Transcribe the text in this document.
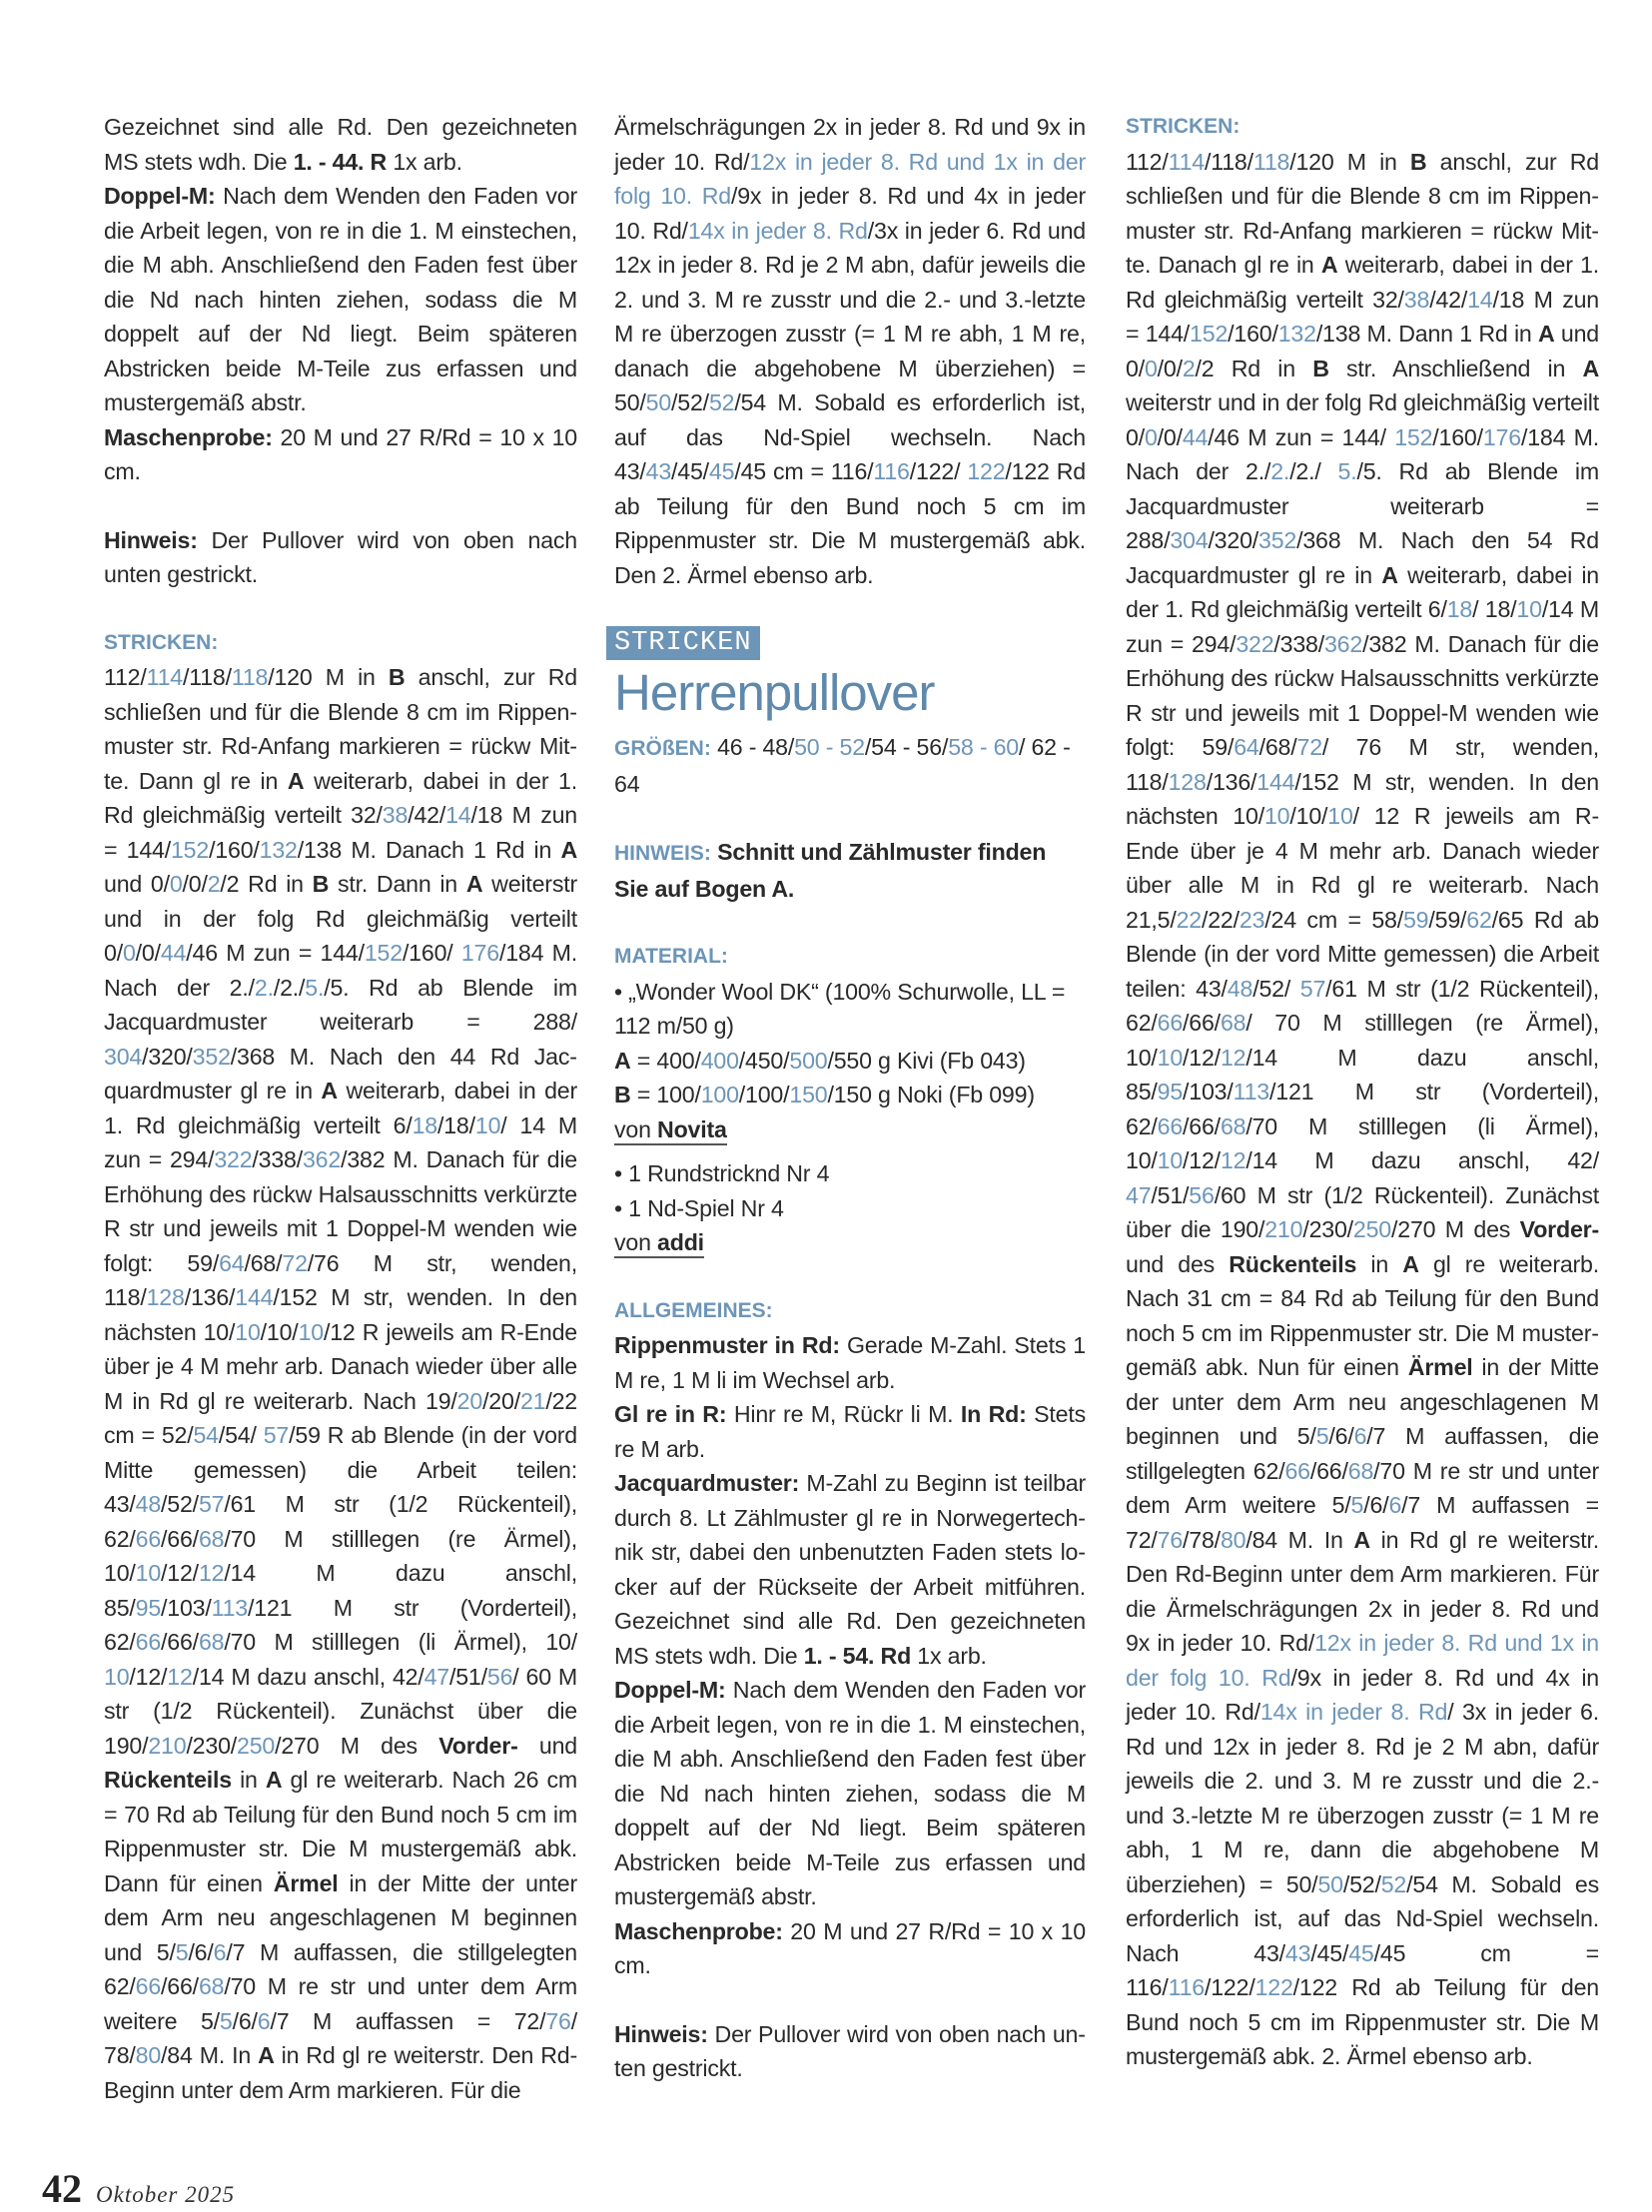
Gezeichnet sind alle Rd. Den gezeichneten MS stets wdh. Die 1. - 44. R 1x arb.

Doppel-M: Nach dem Wenden den Faden vor die Arbeit legen, von re in die 1. M einstechen, die M abh. Anschließend den Faden fest über die Nd nach hinten ziehen, sodass die M doppelt auf der Nd liegt. Beim späteren Abstricken beide M-Teile zus erfassen und mustergemäß abstr.

Maschenprobe: 20 M und 27 R/Rd = 10 x 10 cm.

Hinweis: Der Pullover wird von oben nach unten gestrickt.

STRICKEN:

112/114/118/118/120 M in B anschl, zur Rd schließen und für die Blende 8 cm im Rippenmuster str. Rd-Anfang markieren = rückw Mitte. Dann gl re in A weiterarb, dabei in der 1. Rd gleichmäßig verteilt 32/38/42/14/18 M zun = 144/152/160/132/138 M. Danach 1 Rd in A und 0/0/0/2/2 Rd in B str. Dann in A weiterstr und in der folg Rd gleichmäßig verteilt 0/0/0/44/46 M zun = 144/152/160/ 176/184 M. Nach der 2./2./2./5./5. Rd ab Blende im Jacquardmuster weiterarb = 288/ 304/320/352/368 M. Nach den 44 Rd Jacquardmuster gl re in A weiterarb, dabei in der 1. Rd gleichmäßig verteilt 6/18/18/10/ 14 M zun = 294/322/338/362/382 M. Danach für die Erhöhung des rückw Halsausschnitts verkürzte R str und jeweils mit 1 Doppel-M wenden wie folgt: 59/64/68/72/76 M str, wenden, 118/128/136/144/152 M str, wenden. In den nächsten 10/10/10/10/12 R jeweils am R-Ende über je 4 M mehr arb. Danach wieder über alle M in Rd gl re weiterarb. Nach 19/20/20/21/22 cm = 52/54/54/ 57/59 R ab Blende (in der vord Mitte gemessen) die Arbeit teilen: 43/48/52/57/61 M str (1/2 Rückenteil), 62/66/66/68/70 M stilllegen (re Ärmel), 10/10/12/12/14 M dazu anschl, 85/95/103/113/121 M str (Vorderteil), 62/66/66/68/70 M stilllegen (li Ärmel), 10/ 10/12/12/14 M dazu anschl, 42/47/51/56/ 60 M str (1/2 Rückenteil). Zunächst über die 190/210/230/250/270 M des Vorder- und Rückenteils in A gl re weiterarb. Nach 26 cm = 70 Rd ab Teilung für den Bund noch 5 cm im Rippenmuster str. Die M mustergemäß abk. Dann für einen Ärmel in der Mitte der unter dem Arm neu angeschlagenen M beginnen und 5/5/6/6/7 M auffassen, die stillgelegten 62/66/66/68/70 M re str und unter dem Arm weitere 5/5/6/6/7 M auffassen = 72/76/ 78/80/84 M. In A in Rd gl re weiterstr. Den Rd-Beginn unter dem Arm markieren. Für die

Ärmelschrägungen 2x in jeder 8. Rd und 9x in jeder 10. Rd/12x in jeder 8. Rd und 1x in der folg 10. Rd/9x in jeder 8. Rd und 4x in jeder 10. Rd/14x in jeder 8. Rd/3x in jeder 6. Rd und 12x in jeder 8. Rd je 2 M abn, dafür jeweils die 2. und 3. M re zusstr und die 2.- und 3.-letzte M re überzogen zusstr (= 1 M re abh, 1 M re, danach die abgehobene M überziehen) = 50/50/52/52/54 M. Sobald es erforderlich ist, auf das Nd-Spiel wechseln. Nach 43/43/45/45/45 cm = 116/116/122/ 122/122 Rd ab Teilung für den Bund noch 5 cm im Rippenmuster str. Die M mustergemäß abk. Den 2. Ärmel ebenso arb.

STRICKEN
Herrenpullover

GRÖßEN: 46 - 48/50 - 52/54 - 56/58 - 60/ 62 - 64

HINWEIS: Schnitt und Zählmuster finden Sie auf Bogen A.

MATERIAL:

• „Wonder Wool DK“ (100% Schurwolle, LL = 112 m/50 g)

A = 400/400/450/500/550 g Kivi (Fb 043)

B = 100/100/100/150/150 g Noki (Fb 099)

von Novita

• 1 Rundstricknd Nr 4

• 1 Nd-Spiel Nr 4

von addi

ALLGEMEINES:

Rippenmuster in Rd: Gerade M-Zahl. Stets 1 M re, 1 M li im Wechsel arb.

Gl re in R: Hinr re M, Rückr li M. In Rd: Stets re M arb.

Jacquardmuster: M-Zahl zu Beginn ist teilbar durch 8. Lt Zählmuster gl re in Norwegertechnik str, dabei den unbenutzten Faden stets locker auf der Rückseite der Arbeit mitführen. Gezeichnet sind alle Rd. Den gezeichneten MS stets wdh. Die 1. - 54. Rd 1x arb.

Doppel-M: Nach dem Wenden den Faden vor die Arbeit legen, von re in die 1. M einstechen, die M abh. Anschließend den Faden fest über die Nd nach hinten ziehen, sodass die M doppelt auf der Nd liegt. Beim späteren Abstricken beide M-Teile zus erfassen und mustergemäß abstr.

Maschenprobe: 20 M und 27 R/Rd = 10 x 10 cm.

Hinweis: Der Pullover wird von oben nach unten gestrickt.

STRICKEN:

112/114/118/118/120 M in B anschl, zur Rd schließen und für die Blende 8 cm im Rippenmuster str. Rd-Anfang markieren = rückw Mitte. Danach gl re in A weiterarb, dabei in der 1. Rd gleichmäßig verteilt 32/38/42/14/18 M zun = 144/152/160/132/138 M. Dann 1 Rd in A und 0/0/0/2/2 Rd in B str. Anschließend in A weiterstr und in der folg Rd gleichmäßig verteilt 0/0/0/44/46 M zun = 144/ 152/160/176/184 M. Nach der 2./2./2./ 5./5. Rd ab Blende im Jacquardmuster weiterarb = 288/304/320/352/368 M. Nach den 54 Rd Jacquardmuster gl re in A weiterarb, dabei in der 1. Rd gleichmäßig verteilt 6/18/ 18/10/14 M zun = 294/322/338/362/382 M. Danach für die Erhöhung des rückw Halsausschnitts verkürzte R str und jeweils mit 1 Doppel-M wenden wie folgt: 59/64/68/72/ 76 M str, wenden, 118/128/136/144/152 M str, wenden. In den nächsten 10/10/10/10/ 12 R jeweils am R-Ende über je 4 M mehr arb. Danach wieder über alle M in Rd gl re weiterarb. Nach 21,5/22/22/23/24 cm = 58/59/59/62/65 Rd ab Blende (in der vord Mitte gemessen) die Arbeit teilen: 43/48/52/ 57/61 M str (1/2 Rückenteil), 62/66/66/68/ 70 M stilllegen (re Ärmel), 10/10/12/12/14 M dazu anschl, 85/95/103/113/121 M str (Vorderteil), 62/66/66/68/70 M stilllegen (li Ärmel), 10/10/12/12/14 M dazu anschl, 42/ 47/51/56/60 M str (1/2 Rückenteil). Zunächst über die 190/210/230/250/270 M des Vorder- und des Rückenteils in A gl re weiterarb. Nach 31 cm = 84 Rd ab Teilung für den Bund noch 5 cm im Rippenmuster str. Die M mustergemäß abk. Nun für einen Ärmel in der Mitte der unter dem Arm neu angeschlagenen M beginnen und 5/5/6/6/7 M auffassen, die stillgelegten 62/66/66/68/70 M re str und unter dem Arm weitere 5/5/6/6/7 M auffassen = 72/76/78/80/84 M. In A in Rd gl re weiterstr. Den Rd-Beginn unter dem Arm markieren. Für die Ärmelschrägungen 2x in jeder 8. Rd und 9x in jeder 10. Rd/12x in jeder 8. Rd und 1x in der folg 10. Rd/9x in jeder 8. Rd und 4x in jeder 10. Rd/14x in jeder 8. Rd/ 3x in jeder 6. Rd und 12x in jeder 8. Rd je 2 M abn, dafür jeweils die 2. und 3. M re zusstr und die 2.- und 3.-letzte M re überzogen zusstr (= 1 M re abh, 1 M re, dann die abgehobene M überziehen) = 50/50/52/52/54 M. Sobald es erforderlich ist, auf das Nd-Spiel wechseln. Nach 43/43/45/45/45 cm = 116/116/122/122/122 Rd ab Teilung für den Bund noch 5 cm im Rippenmuster str. Die M mustergemäß abk. 2. Ärmel ebenso arb.

42 Oktober 2025
